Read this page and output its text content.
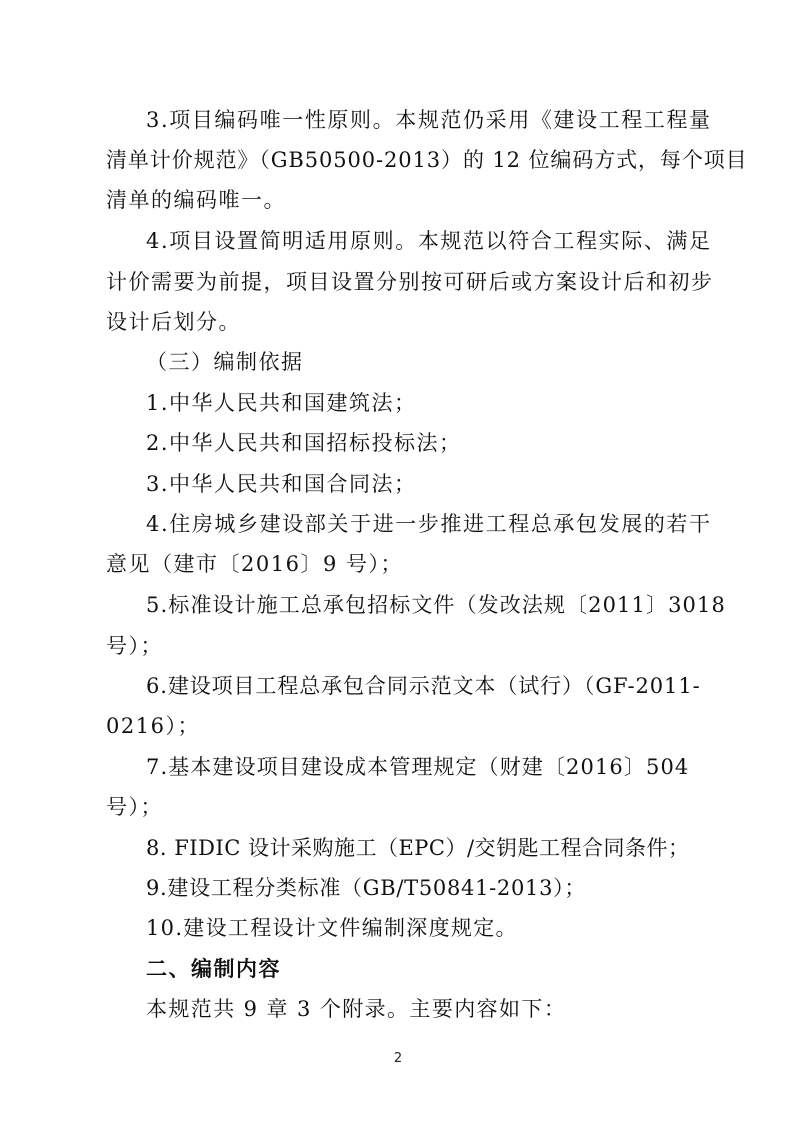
3.项目编码唯一性原则。本规范仍采用《建设工程工程量
清单计价规范》（GB50500-2013）的 12 位编码方式，每个项目
清单的编码唯一。
4.项目设置简明适用原则。本规范以符合工程实际、满足
计价需要为前提，项目设置分别按可研后或方案设计后和初步
设计后划分。
（三）编制依据
1.中华人民共和国建筑法；
2.中华人民共和国招标投标法；
3.中华人民共和国合同法；
4.住房城乡建设部关于进一步推进工程总承包发展的若干
意见（建市〔2016〕9 号）；
5.标准设计施工总承包招标文件（发改法规〔2011〕3018
号）；
6.建设项目工程总承包合同示范文本（试行）（GF-2011-
0216）；
7.基本建设项目建设成本管理规定（财建〔2016〕504
号）；
8. FIDIC 设计采购施工（EPC）/交钥匙工程合同条件；
9.建设工程分类标准（GB/T50841-2013）；
10.建设工程设计文件编制深度规定。
二、编制内容
本规范共 9 章 3 个附录。主要内容如下：
2
